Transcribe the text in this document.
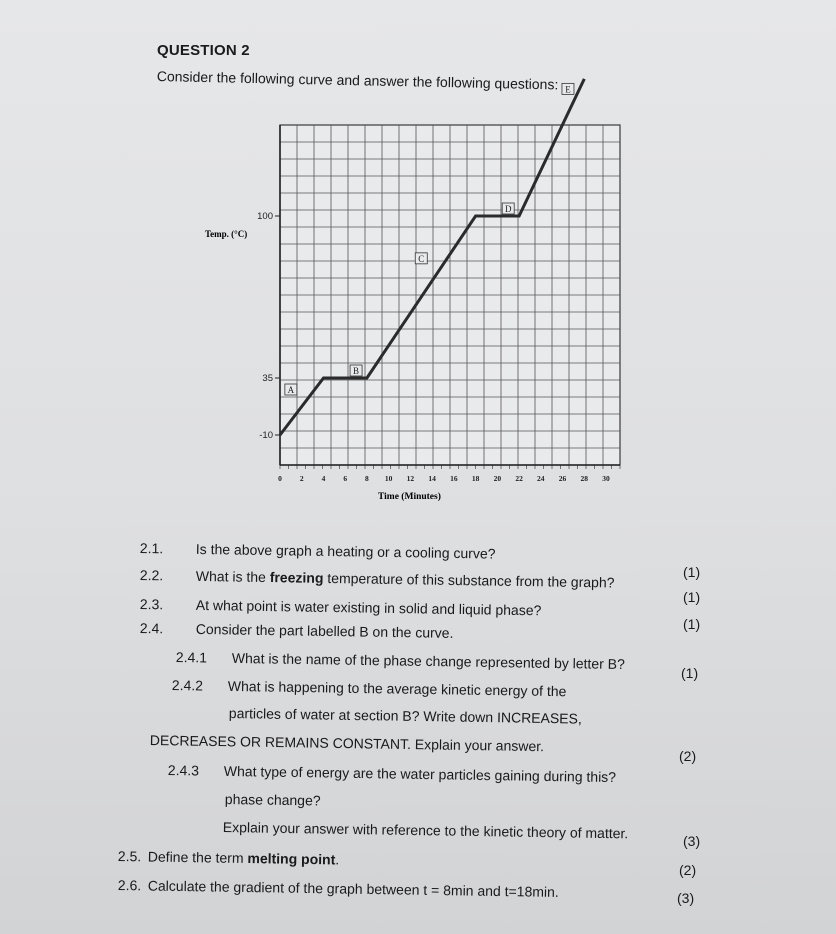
QUESTION 2
Consider the following curve and answer the following questions:
A
B
C
D
E
100
35
-10
0 2 4 6 8 10 12 14 16 18 20 22 24 26 28 30
Temp. (°C)
Time (Minutes)
2.1. Is the above graph a heating or a cooling curve?
(1)
2.2. What is the freezing temperature of this substance from the graph?
(1)
2.3. At what point is water existing in solid and liquid phase?
(1)
2.4. Consider the part labelled B on the curve.
2.4.1 What is the name of the phase change represented by letter B?
(1)
2.4.2 What is happening to the average kinetic energy of the
particles of water at section B? Write down INCREASES,
DECREASES OR REMAINS CONSTANT. Explain your answer.
(2)
2.4.3 What type of energy are the water particles gaining during this?
phase change?
Explain your answer with reference to the kinetic theory of matter.	(3)
2.5. Define the term melting point.
(2)
2.6. Calculate the gradient of the graph between t = 8min and t=18min.	(3)
